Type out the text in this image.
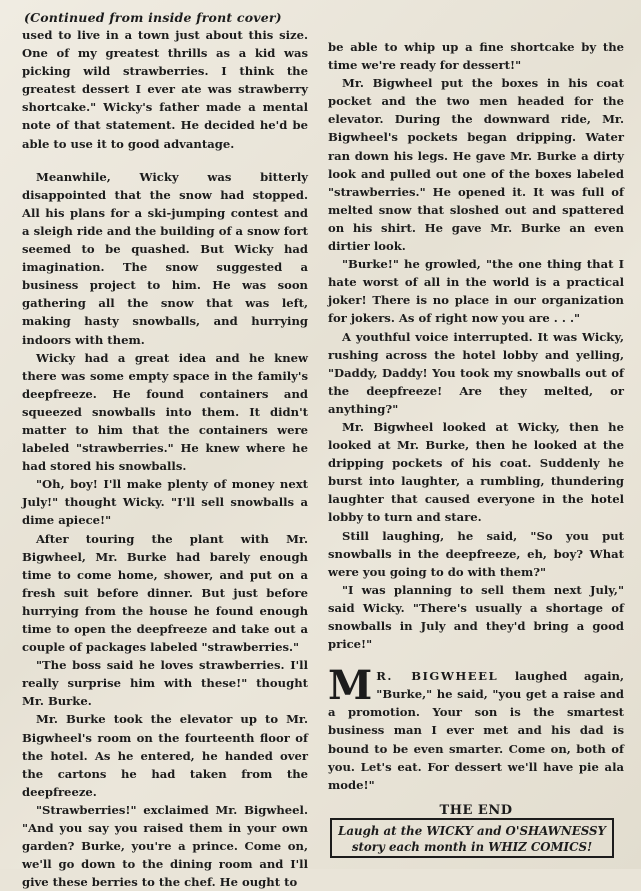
(Continued from inside front cover)

used to live in a town just about this size. One of my greatest thrills as a kid was picking wild strawberries. I think the greatest dessert I ever ate was strawberry shortcake." Wicky's father made a mental note of that statement. He decided he'd be able to use it to good advantage.

Meanwhile, Wicky was bitterly disappointed that the snow had stopped. All his plans for a ski-jumping contest and a sleigh ride and the building of a snow fort seemed to be quashed. But Wicky had imagination. The snow suggested a business project to him. He was soon gathering all the snow that was left, making hasty snowballs, and hurrying indoors with them.

Wicky had a great idea and he knew there was some empty space in the family's deepfreeze. He found containers and squeezed snowballs into them. It didn't matter to him that the containers were labeled "strawberries." He knew where he had stored his snowballs.

"Oh, boy! I'll make plenty of money next July!" thought Wicky. "I'll sell snowballs a dime apiece!"

After touring the plant with Mr. Bigwheel, Mr. Burke had barely enough time to come home, shower, and put on a fresh suit before dinner. But just before hurrying from the house he found enough time to open the deepfreeze and take out a couple of packages labeled "strawberries."

"The boss said he loves strawberries. I'll really surprise him with these!" thought Mr. Burke.

Mr. Burke took the elevator up to Mr. Bigwheel's room on the fourteenth floor of the hotel. As he entered, he handed over the cartons he had taken from the deepfreeze.

"Strawberries!" exclaimed Mr. Bigwheel. "And you say you raised them in your own garden? Burke, you're a prince. Come on, we'll go down to the dining room and I'll give these berries to the chef. He ought to

be able to whip up a fine shortcake by the time we're ready for dessert!"

Mr. Bigwheel put the boxes in his coat pocket and the two men headed for the elevator. During the downward ride, Mr. Bigwheel's pockets began dripping. Water ran down his legs. He gave Mr. Burke a dirty look and pulled out one of the boxes labeled "strawberries." He opened it. It was full of melted snow that sloshed out and spattered on his shirt. He gave Mr. Burke an even dirtier look.

"Burke!" he growled, "the one thing that I hate worst of all in the world is a practical joker! There is no place in our organization for jokers. As of right now you are . . ."

A youthful voice interrupted. It was Wicky, rushing across the hotel lobby and yelling, "Daddy, Daddy! You took my snowballs out of the deepfreeze! Are they melted, or anything?"

Mr. Bigwheel looked at Wicky, then he looked at Mr. Burke, then he looked at the dripping pockets of his coat. Suddenly he burst into laughter, a rumbling, thundering laughter that caused everyone in the hotel lobby to turn and stare.

Still laughing, he said, "So you put snowballs in the deepfreeze, eh, boy? What were you going to do with them?"

"I was planning to sell them next July," said Wicky. "There's usually a shortage of snowballs in July and they'd bring a good price!"

M R. BIGWHEEL laughed again, "Burke," he said, "you get a raise and a promotion. Your son is the smartest business man I ever met and his dad is bound to be even smarter. Come on, both of you. Let's eat. For dessert we'll have pie ala mode!"
THE END
Laugh at the WICKY and O'SHAWNESSY story each month in WHIZ COMICS!
